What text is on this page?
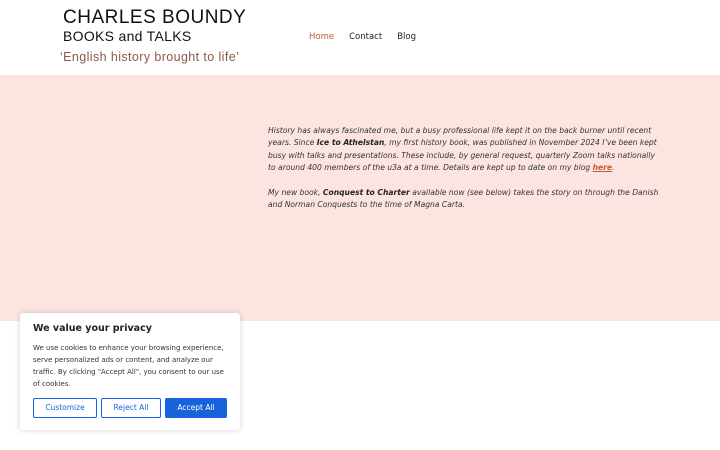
CHARLES BOUNDY
BOOKS and TALKS
‘English history brought to life’
Home Contact Blog

History has always fascinated me, but a busy professional life kept it on the back burner until recent years. Since Ice to Athelstan, my first history book, was published in November 2024 I’ve been kept busy with talks and presentations. These include, by general request, quarterly Zoom talks nationally to around 400 members of the u3a at a time. Details are kept up to date on my blog here.

My new book, Conquest to Charter available now (see below) takes the story on through the Danish and Norman Conquests to the time of Magna Carta.

We value your privacy
We use cookies to enhance your browsing experience, serve personalized ads or content, and analyze our traffic. By clicking "Accept All", you consent to our use of cookies.
Customize	Reject All	Accept All
